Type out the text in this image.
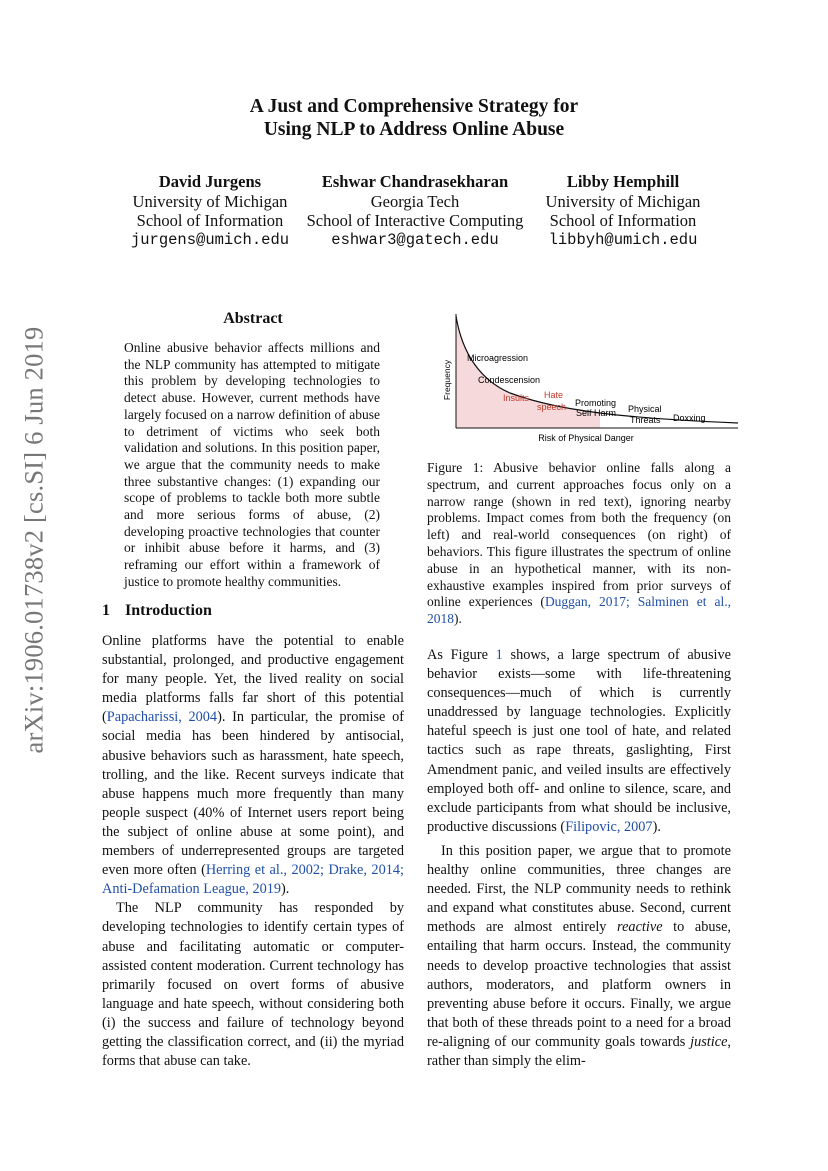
A Just and Comprehensive Strategy for
Using NLP to Address Online Abuse
David Jurgens
University of Michigan
School of Information
jurgens@umich.edu
Eshwar Chandrasekharan
Georgia Tech
School of Interactive Computing
eshwar3@gatech.edu
Libby Hemphill
University of Michigan
School of Information
libbyh@umich.edu
arXiv:1906.01738v2 [cs.SI] 6 Jun 2019
Abstract
Online abusive behavior affects millions and the NLP community has attempted to mitigate this problem by developing technologies to detect abuse. However, current methods have largely focused on a narrow definition of abuse to detriment of victims who seek both validation and solutions. In this position paper, we argue that the community needs to make three substantive changes: (1) expanding our scope of problems to tackle both more subtle and more serious forms of abuse, (2) developing proactive technologies that counter or inhibit abuse before it harms, and (3) reframing our effort within a framework of justice to promote healthy communities.
1 Introduction

Online platforms have the potential to enable substantial, prolonged, and productive engagement for many people. Yet, the lived reality on social media platforms falls far short of this potential (Papacharissi, 2004). In particular, the promise of social media has been hindered by antisocial, abusive behaviors such as harassment, hate speech, trolling, and the like. Recent surveys indicate that abuse happens much more frequently than many people suspect (40% of Internet users report being the subject of online abuse at some point), and members of underrepresented groups are targeted even more often (Herring et al., 2002; Drake, 2014; Anti-Defamation League, 2019).

The NLP community has responded by developing technologies to identify certain types of abuse and facilitating automatic or computer-assisted content moderation. Current technology has primarily focused on overt forms of abusive language and hate speech, without considering both (i) the success and failure of technology beyond getting the classification correct, and (ii) the myriad forms that abuse can take.

Frequency
Risk of Physical Danger
Microagression
Condescension
Insults Hate
speech Promoting
Self Harm Physical
Threats Doxxing
Figure 1: Abusive behavior online falls along a spectrum, and current approaches focus only on a narrow range (shown in red text), ignoring nearby problems. Impact comes from both the frequency (on left) and real-world consequences (on right) of behaviors. This figure illustrates the spectrum of online abuse in an hypothetical manner, with its non-exhaustive examples inspired from prior surveys of online experiences (Duggan, 2017; Salminen et al., 2018).

As Figure 1 shows, a large spectrum of abusive behavior exists—some with life-threatening consequences—much of which is currently unaddressed by language technologies. Explicitly hateful speech is just one tool of hate, and related tactics such as rape threats, gaslighting, First Amendment panic, and veiled insults are effectively employed both off- and online to silence, scare, and exclude participants from what should be inclusive, productive discussions (Filipovic, 2007).

In this position paper, we argue that to promote healthy online communities, three changes are needed. First, the NLP community needs to rethink and expand what constitutes abuse. Second, current methods are almost entirely reactive to abuse, entailing that harm occurs. Instead, the community needs to develop proactive technologies that assist authors, moderators, and platform owners in preventing abuse before it occurs. Finally, we argue that both of these threads point to a need for a broad re-aligning of our community goals towards justice, rather than simply the elim-
